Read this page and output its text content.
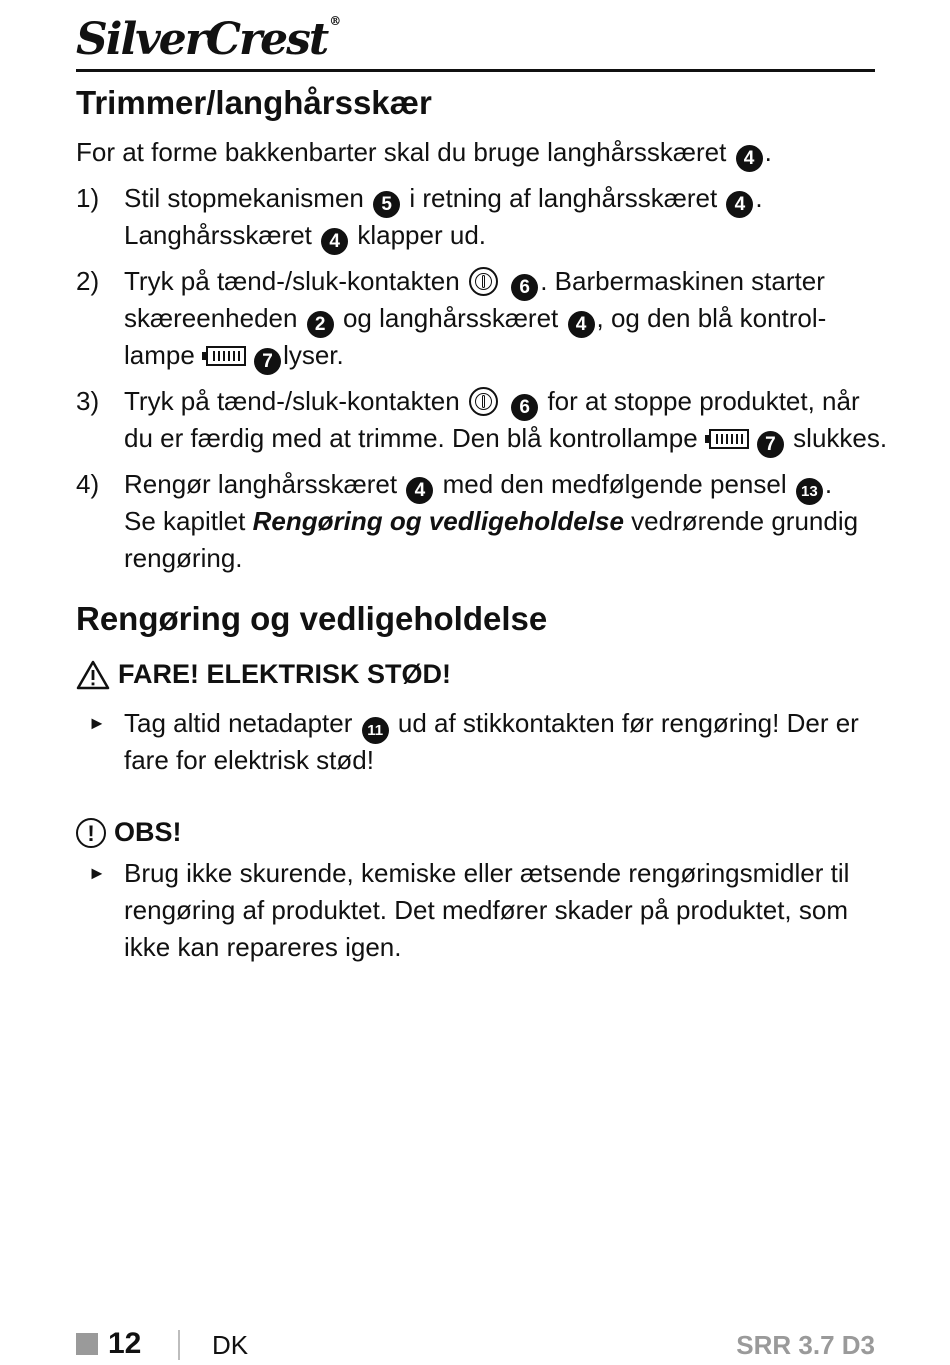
SilverCrest ®
Trimmer/langhårsskær
For at forme bakkenbarter skal du bruge langhårsskæret 4 .
1) Stil stopmekanismen 5 i retning af langhårsskæret 4 .
Langhårsskæret 4 klapper ud.
2) Tryk på tænd-/sluk-kontakten	6 . Barbermaskinen starter
skæreenheden 2 og langhårsskæret 4 , og den blå kontrol-
lampe	7 lyser.
3) Tryk på tænd-/sluk-kontakten	6 for at stoppe produktet, når
du er færdig med at trimme. Den blå kontrollampe	7 slukkes.
4) Rengør langhårsskæret 4 med den medfølgende pensel 13 .
Se kapitlet Rengøring og vedligeholdelse vedrørende grundig
rengøring.
Rengøring og vedligeholdelse
FARE! ELEKTRISK STØD!
► Tag altid netadapter 11 ud af stikkontakten før rengøring! Der er
fare for elektrisk stød!
! OBS!
► Brug ikke skurende, kemiske eller ætsende rengøringsmidler til
rengøring af produktet. Det medfører skader på produktet, som
ikke kan repareres igen.
12	DK	SRR 3.7 D3
